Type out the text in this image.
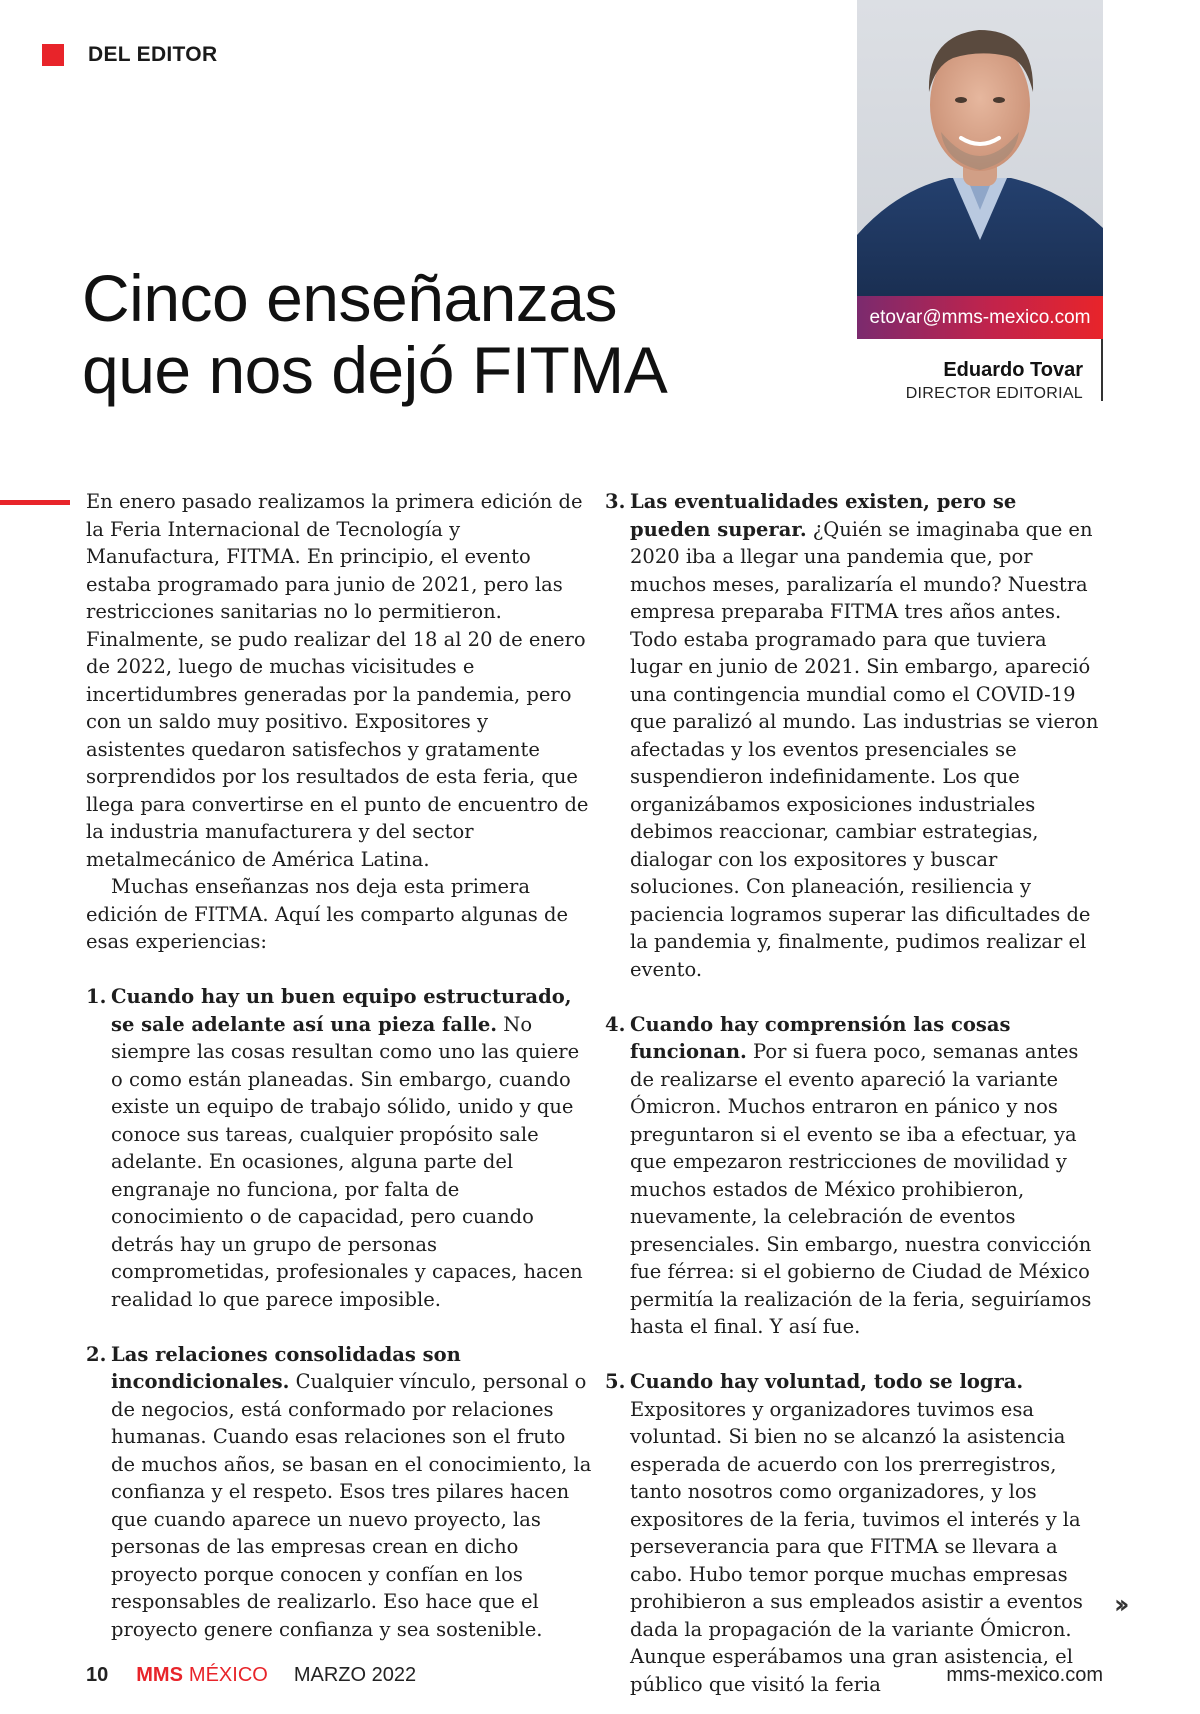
DEL EDITOR
Cinco enseñanzas
que nos dejó FITMA
etovar@mms-mexico.com
Eduardo Tovar
DIRECTOR EDITORIAL

En enero pasado realizamos la primera edición de la Feria Internacional de Tecnología y Manufactura, FITMA. En principio, el evento estaba programado para junio de 2021, pero las restricciones sanitarias no lo permitieron. Finalmente, se pudo realizar del 18 al 20 de enero de 2022, luego de muchas vicisitudes e incertidumbres generadas por la pandemia, pero con un saldo muy positivo. Expositores y asistentes quedaron satisfechos y gratamente sorprendidos por los resultados de esta feria, que llega para convertirse en el punto de encuentro de la industria manufacturera y del sector metalmecánico de América Latina.

Muchas enseñanzas nos deja esta primera edición de FITMA. Aquí les comparto algunas de esas experiencias:

1. Cuando hay un buen equipo estructurado, se sale adelante así una pieza falle. No siempre las cosas resultan como uno las quiere o como están planeadas. Sin embargo, cuando existe un equipo de trabajo sólido, unido y que conoce sus tareas, cualquier propósito sale adelante. En ocasiones, alguna parte del engranaje no funciona, por falta de conocimiento o de capacidad, pero cuando detrás hay un grupo de personas comprometidas, profesionales y capaces, hacen realidad lo que parece imposible.

2. Las relaciones consolidadas son incondicionales. Cualquier vínculo, personal o de negocios, está conformado por relaciones humanas. Cuando esas relaciones son el fruto de muchos años, se basan en el conocimiento, la confianza y el respeto. Esos tres pilares hacen que cuando aparece un nuevo proyecto, las personas de las empresas crean en dicho proyecto porque conocen y confían en los responsables de realizarlo. Eso hace que el proyecto genere confianza y sea sostenible.

3. Las eventualidades existen, pero se pueden superar. ¿Quién se imaginaba que en 2020 iba a llegar una pandemia que, por muchos meses, paralizaría el mundo? Nuestra empresa preparaba FITMA tres años antes. Todo estaba programado para que tuviera lugar en junio de 2021. Sin embargo, apareció una contingencia mundial como el COVID-19 que paralizó al mundo. Las industrias se vieron afectadas y los eventos presenciales se suspendieron indefinidamente. Los que organizábamos exposiciones industriales debimos reaccionar, cambiar estrategias, dialogar con los expositores y buscar soluciones. Con planeación, resiliencia y paciencia logramos superar las dificultades de la pandemia y, finalmente, pudimos realizar el evento.

4. Cuando hay comprensión las cosas funcionan. Por si fuera poco, semanas antes de realizarse el evento apareció la variante Ómicron. Muchos entraron en pánico y nos preguntaron si el evento se iba a efectuar, ya que empezaron restricciones de movilidad y muchos estados de México prohibieron, nuevamente, la celebración de eventos presenciales. Sin embargo, nuestra convicción fue férrea: si el gobierno de Ciudad de México permitía la realización de la feria, seguiríamos hasta el final. Y así fue.

5. Cuando hay voluntad, todo se logra. Expositores y organizadores tuvimos esa voluntad. Si bien no se alcanzó la asistencia esperada de acuerdo con los prerregistros, tanto nosotros como organizadores, y los expositores de la feria, tuvimos el interés y la perseverancia para que FITMA se llevara a cabo. Hubo temor porque muchas empresas prohibieron a sus empleados asistir a eventos dada la propagación de la variante Ómicron. Aunque esperábamos una gran asistencia, el público que visitó la feria

››
10 MMS MÉXICO MARZO 2022	mms-mexico.com
